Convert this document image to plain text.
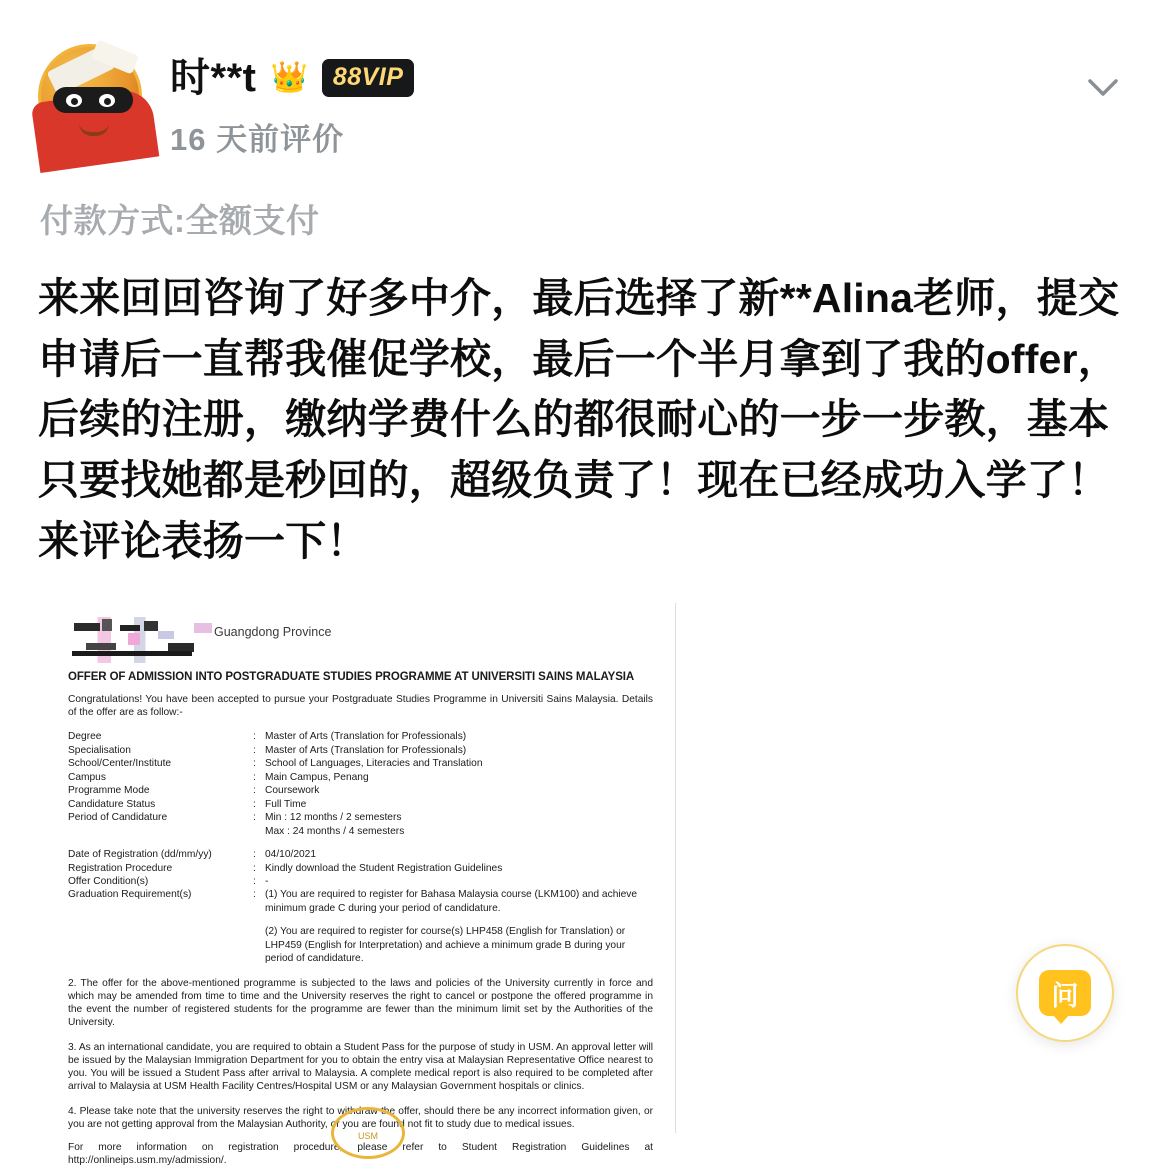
时**t 👑	88VIP
16 天前评价
付款方式:全额支付
来来回回咨询了好多中介，最后选择了新**Alina老师，提交申请后一直帮我催促学校，最后一个半月拿到了我的offer，后续的注册，缴纳学费什么的都很耐心的一步一步教，基本只要找她都是秒回的，超级负责了！现在已经成功入学了！来评论表扬一下！
Guangdong Province
OFFER OF ADMISSION INTO POSTGRADUATE STUDIES PROGRAMME AT UNIVERSITI SAINS MALAYSIA
Congratulations! You have been accepted to pursue your Postgraduate Studies Programme in Universiti Sains Malaysia. Details of the offer are as follow:-
Degree	:	Master of Arts (Translation for Professionals)
Specialisation	:	Master of Arts (Translation for Professionals)
School/Center/Institute	:	School of Languages, Literacies and Translation
Campus	:	Main Campus, Penang
Programme Mode	:	Coursework
Candidature Status	:	Full Time
Period of Candidature	:	Min : 12 months / 2 semesters
		Max : 24 months / 4 semesters

Date of Registration (dd/mm/yy)	:	04/10/2021
Registration Procedure	:	Kindly download the Student Registration Guidelines
Offer Condition(s)	:	-
Graduation Requirement(s)	:	(1) You are required to register for Bahasa Malaysia course (LKM100) and achieve minimum grade C during your period of candidature.

		(2) You are required to register for course(s) LHP458 (English for Translation) or LHP459 (English for Interpretation) and achieve a minimum grade B during your period of candidature.
2. The offer for the above-mentioned programme is subjected to the laws and policies of the University currently in force and which may be amended from time to time and the University reserves the right to cancel or postpone the offered programme in the event the number of registered students for the programme are fewer than the minimum limit set by the Authorities of the University.
3. As an international candidate, you are required to obtain a Student Pass for the purpose of study in USM. An approval letter will be issued by the Malaysian Immigration Department for you to obtain the entry visa at Malaysian Representative Office nearest to you. You will be issued a Student Pass after arrival to Malaysia. A complete medical report is also required to be completed after arrival to Malaysia at USM Health Facility Centres/Hospital USM or any Malaysian Government hospitals or clinics.
4. Please take note that the university reserves the right to withdraw the offer, should there be any incorrect information given, or you are not getting approval from the Malaysian Authority, or you are found not fit to study due to medical issues.
For more information on registration procedure, please refer to Student Registration Guidelines at http://onlineips.usm.my/admission/.
USM
问
